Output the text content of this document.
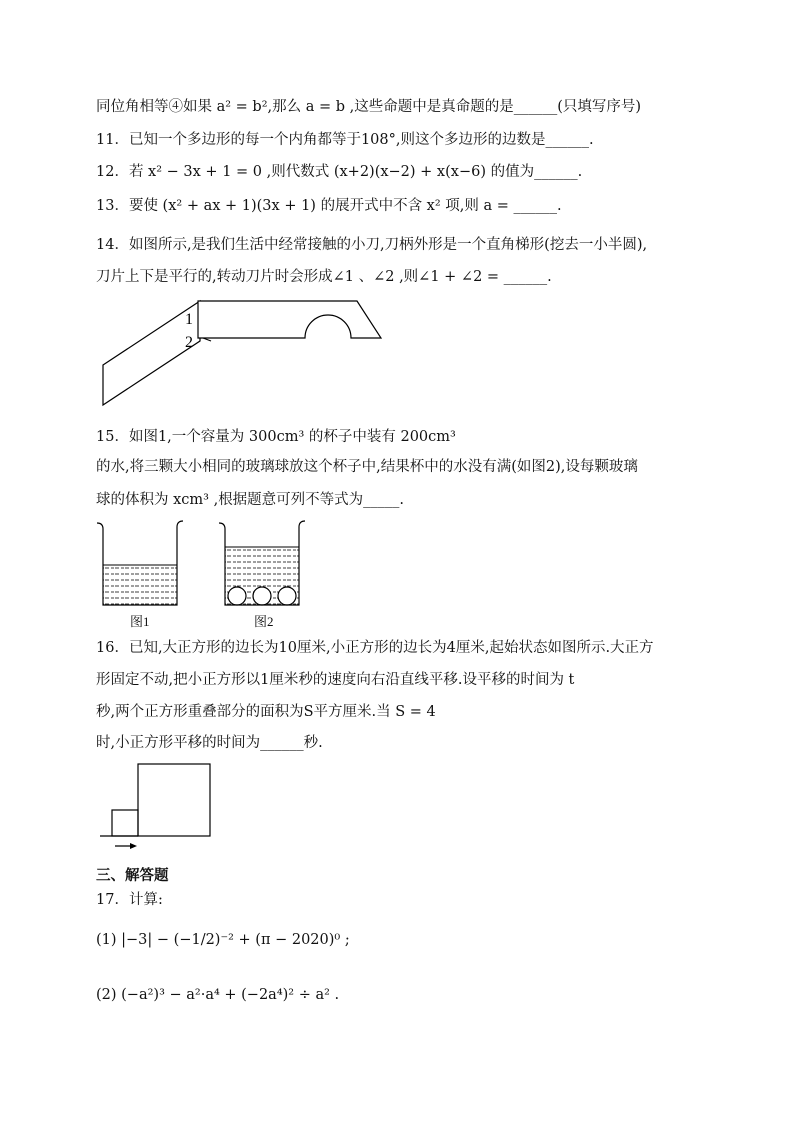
同位角相等④如果 a² = b²,那么 a = b ,这些命题中是真命题的是______(只填写序号)
11．已知一个多边形的每一个内角都等于108°,则这个多边形的边数是______.
12．若 x² − 3x + 1 = 0 ,则代数式 (x+2)(x−2) + x(x−6) 的值为______.
13．要使 (x² + ax + 1)(3x + 1) 的展开式中不含 x² 项,则 a = ______.
14．如图所示,是我们生活中经常接触的小刀,刀柄外形是一个直角梯形(挖去一小半圆),
刀片上下是平行的,转动刀片时会形成∠1 、∠2 ,则∠1 + ∠2 = ______.
1
2
15．如图1,一个容量为 300cm³ 的杯子中装有 200cm³
的水,将三颗大小相同的玻璃球放这个杯子中,结果杯中的水没有满(如图2),设每颗玻璃
球的体积为 xcm³ ,根据题意可列不等式为_____.
图1	图2
16．已知,大正方形的边长为10厘米,小正方形的边长为4厘米,起始状态如图所示.大正方
形固定不动,把小正方形以1厘米秒的速度向右沿直线平移.设平移的时间为 t
秒,两个正方形重叠部分的面积为S平方厘米.当 S = 4
时,小正方形平移的时间为______秒.
三、解答题
17．计算:
(1) |−3| − (−1/2)⁻² + (π − 2020)⁰ ;
(2) (−a²)³ − a²·a⁴ + (−2a⁴)² ÷ a² .
